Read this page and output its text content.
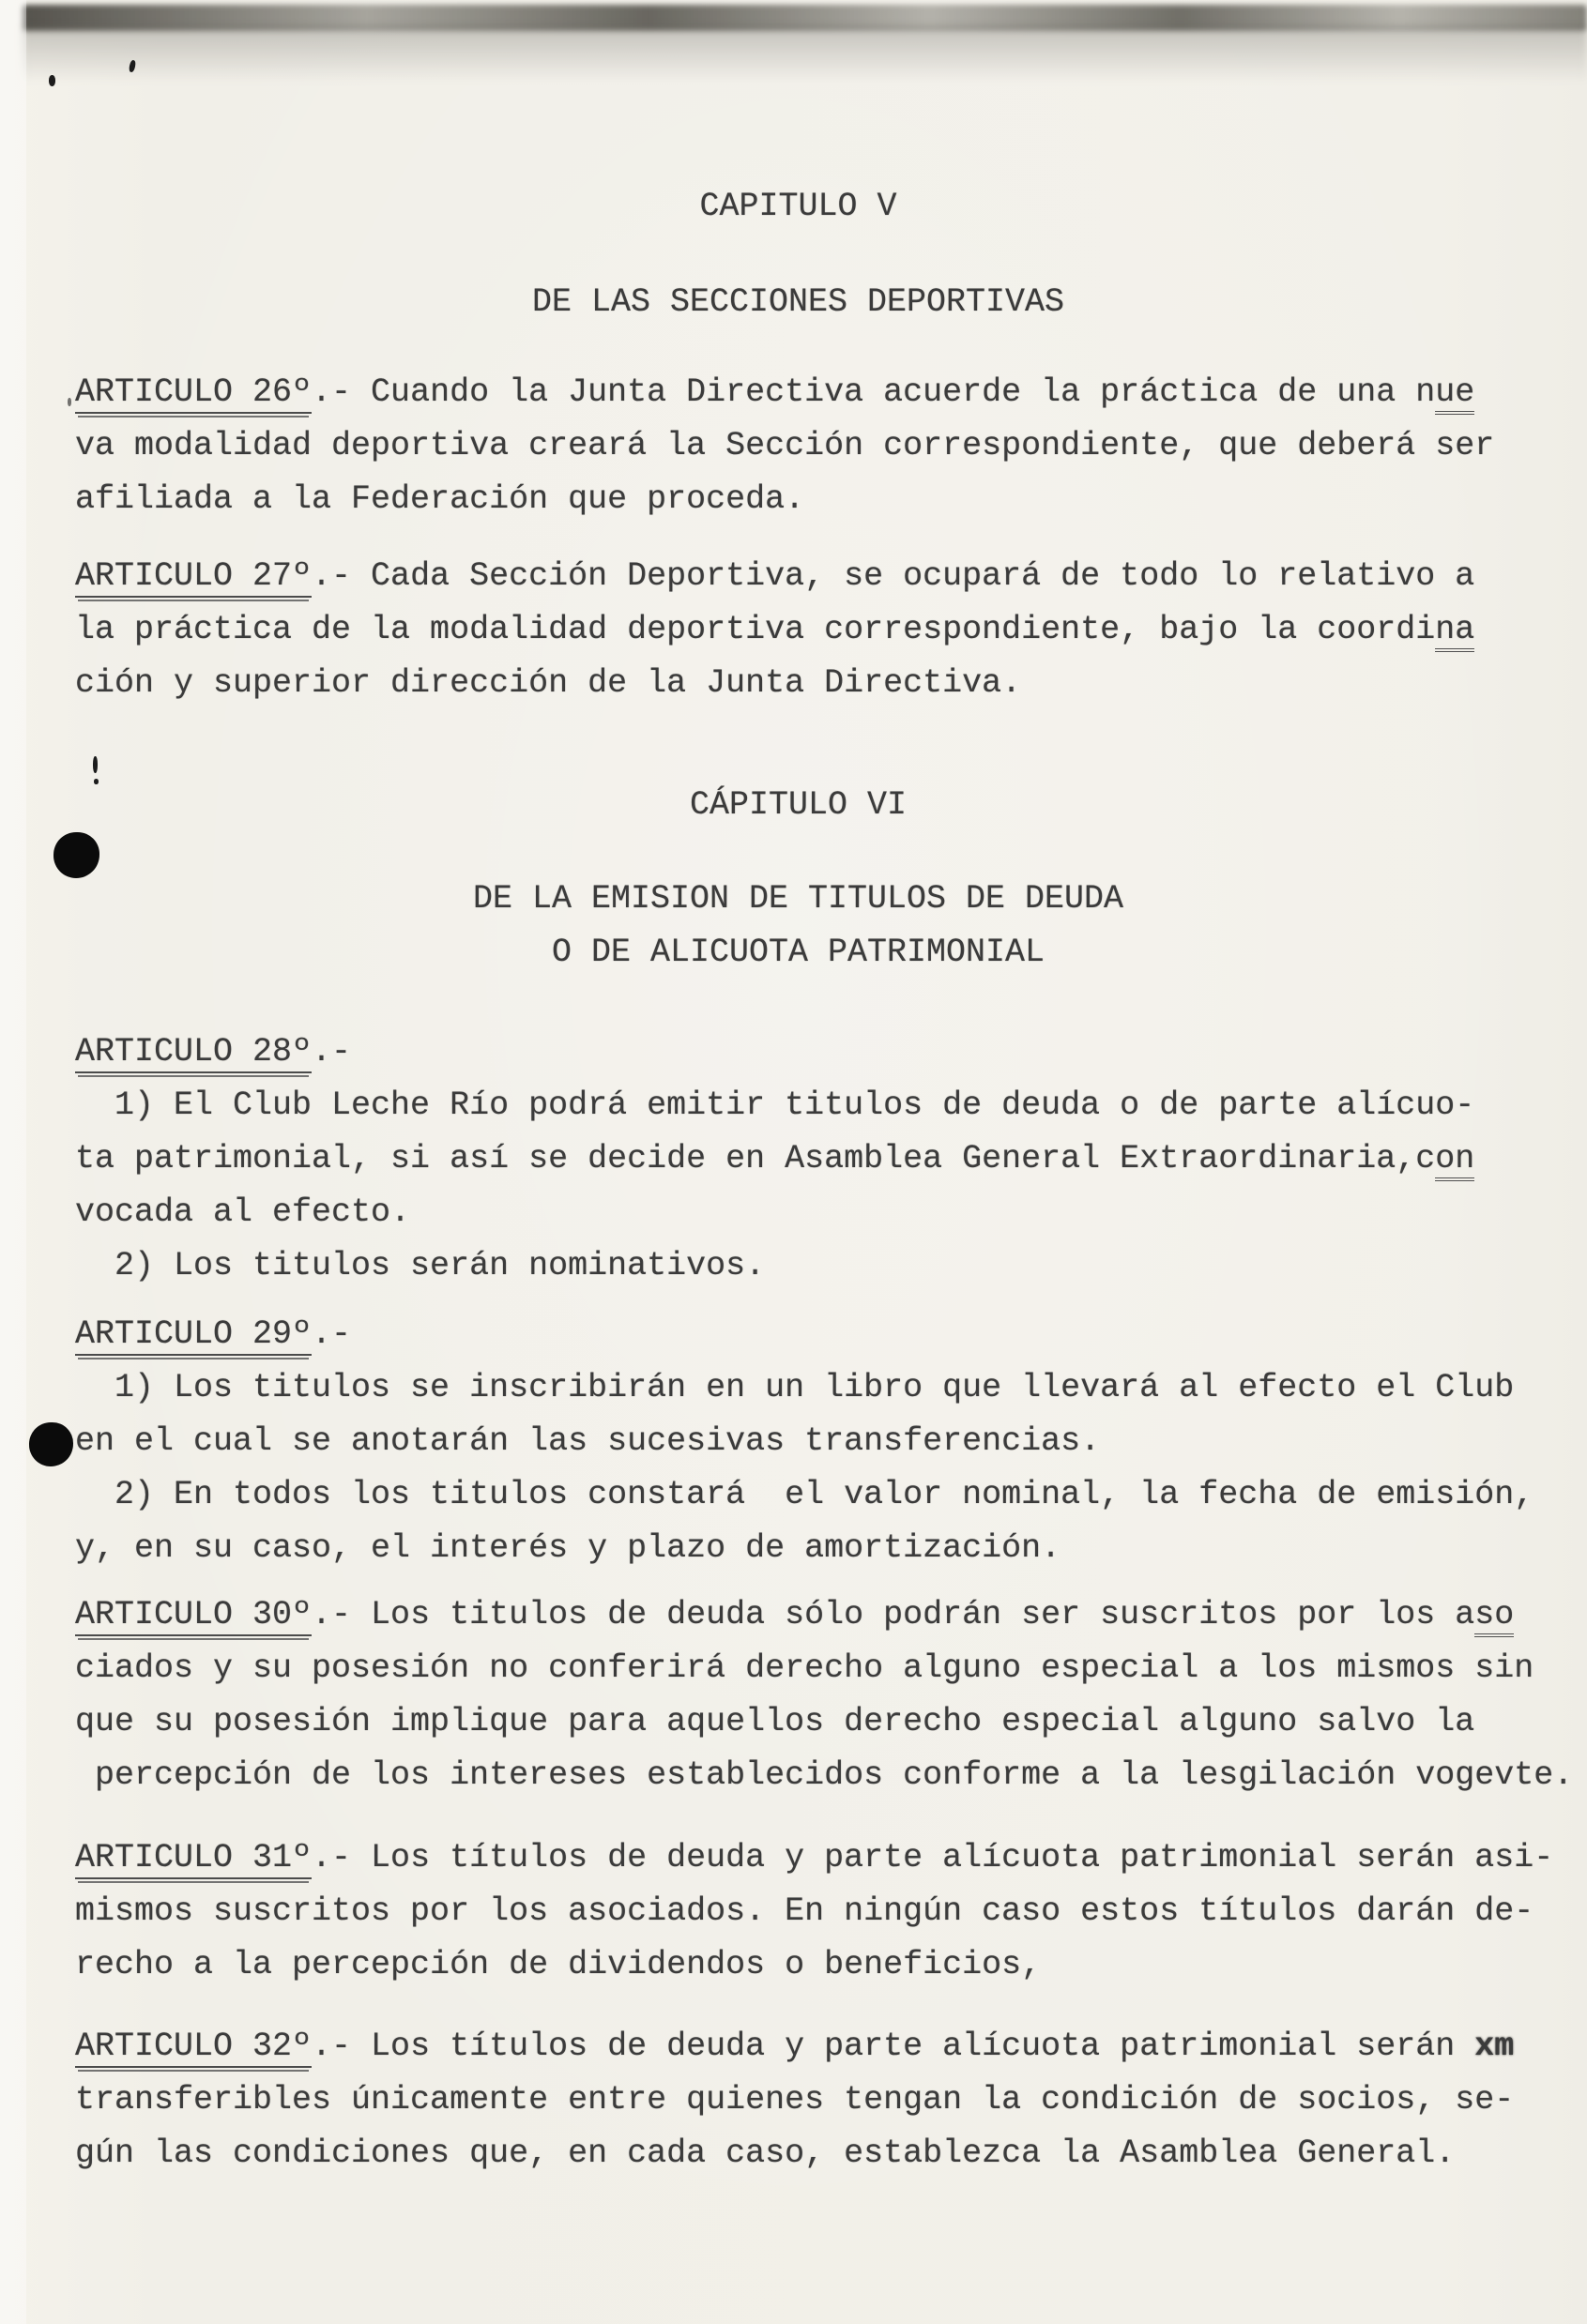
CAPITULO V
DE LAS SECCIONES DEPORTIVAS
ARTICULO 26º.- Cuando la Junta Directiva acuerde la práctica de una nue
va modalidad deportiva creará la Sección correspondiente, que deberá ser
afiliada a la Federación que proceda.
ARTICULO 27º.- Cada Sección Deportiva, se ocupará de todo lo relativo a
la práctica de la modalidad deportiva correspondiente, bajo la coordina
ción y superior dirección de la Junta Directiva.
CÁPITULO VI
DE LA EMISION DE TITULOS DE DEUDA
O DE ALICUOTA PATRIMONIAL
ARTICULO 28º.-
1) El Club Leche Río podrá emitir titulos de deuda o de parte alícuo-
ta patrimonial, si así se decide en Asamblea General Extraordinaria,con
vocada al efecto.
2) Los titulos serán nominativos.
ARTICULO 29º.-
1) Los titulos se inscribirán en un libro que llevará al efecto el Club
en el cual se anotarán las sucesivas transferencias.
2) En todos los titulos constará  el valor nominal, la fecha de emisión,
y, en su caso, el interés y plazo de amortización.
ARTICULO 30º.- Los titulos de deuda sólo podrán ser suscritos por los aso
ciados y su posesión no conferirá derecho alguno especial a los mismos sin
que su posesión implique para aquellos derecho especial alguno salvo la
percepción de los intereses establecidos conforme a la lesgilación vogevte.
ARTICULO 31º.- Los títulos de deuda y parte alícuota patrimonial serán asi-
mismos suscritos por los asociados. En ningún caso estos títulos darán de-
recho a la percepción de dividendos o beneficios,
ARTICULO 32º.- Los títulos de deuda y parte alícuota patrimonial serán xm
transferibles únicamente entre quienes tengan la condición de socios, se-
gún las condiciones que, en cada caso, establezca la Asamblea General.
